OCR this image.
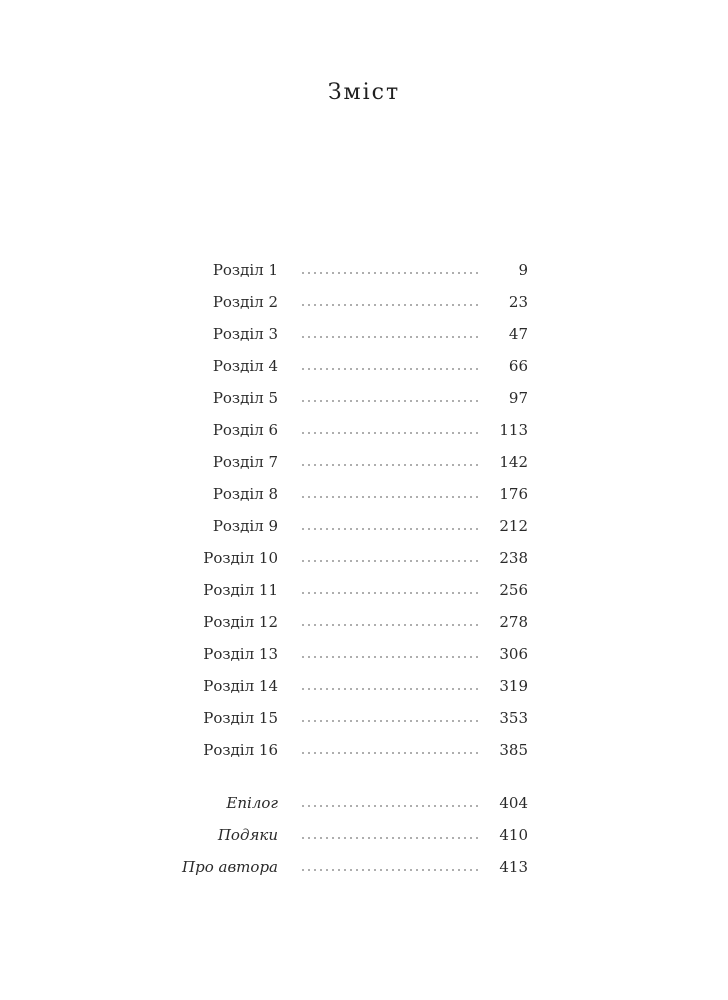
Зміст
Розділ 1	9
Розділ 2	23
Розділ 3	47
Розділ 4	66
Розділ 5	97
Розділ 6	113
Розділ 7	142
Розділ 8	176
Розділ 9	212
Розділ 10	238
Розділ 11	256
Розділ 12	278
Розділ 13	306
Розділ 14	319
Розділ 15	353
Розділ 16	385
Епілог	404
Подяки	410
Про автора	413
